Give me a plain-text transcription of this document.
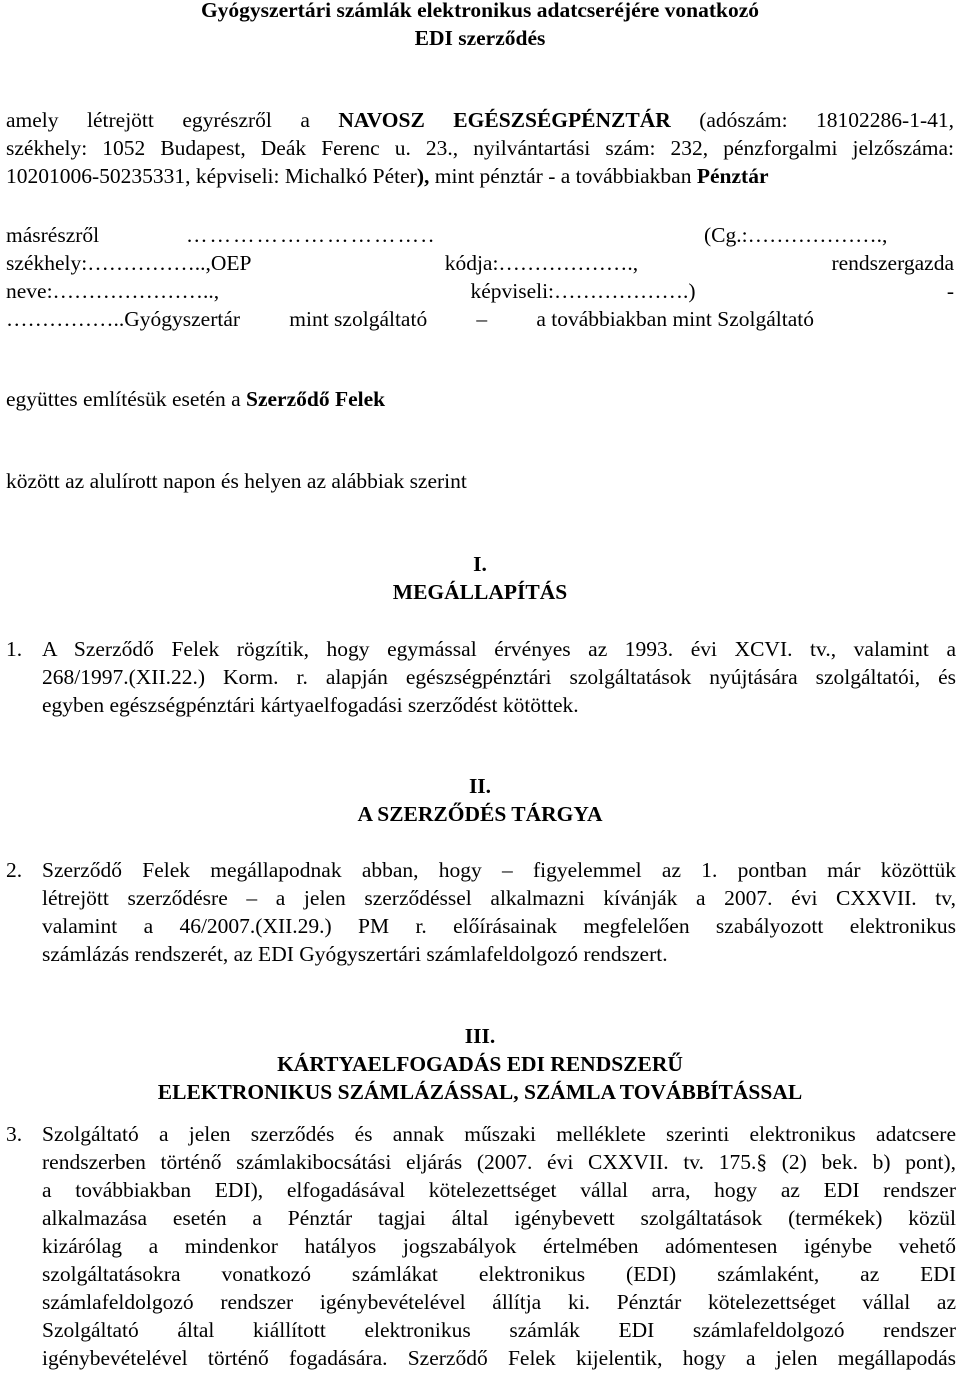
Gyógyszertári számlák elektronikus adatcseréjére vonatkozó
EDI szerződés
amely létrejött egyrészről a NAVOSZ EGÉSZSÉGPÉNZTÁR (adószám: 18102286-1-41,
székhely: 1052 Budapest, Deák Ferenc u. 23., nyilvántartási szám: 232, pénzforgalmi jelzőszáma:
10201006-50235331, képviseli: Michalkó Péter), mint pénztár - a továbbiakban Pénztár
másrészről	…………………………..	(Cg.:……………….,
székhely:……………..,OEP	kódja:……………….,	rendszergazda
neve:…………………..,	képviseli:……………….)	-
……………..Gyógyszertár mint szolgáltató – a továbbiakban mint Szolgáltató
együttes említésük esetén a Szerződő Felek
között az alulírott napon és helyen az alábbiak szerint
I.
MEGÁLLAPÍTÁS
1. A Szerződő Felek rögzítik, hogy egymással érvényes az 1993. évi XCVI. tv., valamint a
268/1997.(XII.22.) Korm. r. alapján egészségpénztári szolgáltatások nyújtására szolgáltatói, és
egyben egészségpénztári kártyaelfogadási szerződést kötöttek.
II.
A SZERZŐDÉS TÁRGYA
2. Szerződő Felek megállapodnak abban, hogy – figyelemmel az 1. pontban már közöttük
létrejött szerződésre – a jelen szerződéssel alkalmazni kívánják a 2007. évi CXXVII. tv,
valamint a 46/2007.(XII.29.) PM r. előírásainak megfelelően szabályozott elektronikus
számlázás rendszerét, az EDI Gyógyszertári számlafeldolgozó rendszert.
III.
KÁRTYAELFOGADÁS EDI RENDSZERŰ
ELEKTRONIKUS SZÁMLÁZÁSSAL, SZÁMLA TOVÁBBÍTÁSSAL
3. Szolgáltató a jelen szerződés és annak műszaki melléklete szerinti elektronikus adatcsere
rendszerben történő számlakibocsátási eljárás (2007. évi CXXVII. tv. 175.§ (2) bek. b) pont),
a továbbiakban EDI), elfogadásával kötelezettséget vállal arra, hogy az EDI rendszer
alkalmazása esetén a Pénztár tagjai által igénybevett szolgáltatások (termékek) közül
kizárólag a mindenkor hatályos jogszabályok értelmében adómentesen igénybe vehető
szolgáltatásokra vonatkozó számlákat elektronikus (EDI) számlaként, az EDI
számlafeldolgozó rendszer igénybevételével állítja ki. Pénztár kötelezettséget vállal az
Szolgáltató által kiállított elektronikus számlák EDI számlafeldolgozó rendszer
igénybevételével történő fogadására. Szerződő Felek kijelentik, hogy a jelen megállapodás
